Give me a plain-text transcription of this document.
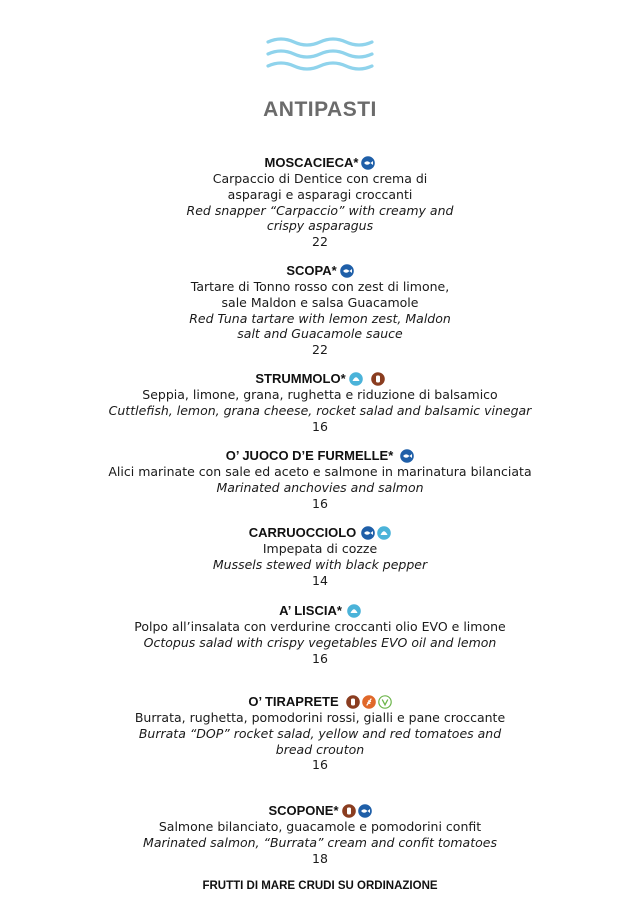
ANTIPASTI
MOSCACIECA*
Carpaccio di Dentice con crema di
asparagi e asparagi croccanti
Red snapper “Carpaccio” with creamy and
crispy asparagus
22
SCOPA*
Tartare di Tonno rosso con zest di limone,
sale Maldon e salsa Guacamole
Red Tuna tartare with lemon zest, Maldon
salt and Guacamole sauce
22
STRUMMOLO*
Seppia, limone, grana, rughetta e riduzione di balsamico
Cuttlefish, lemon, grana cheese, rocket salad and balsamic vinegar
16
O’ JUOCO D’E FURMELLE*
Alici marinate con sale ed aceto e salmone in marinatura bilanciata
Marinated anchovies and salmon
16
CARRUOCCIOLO
Impepata di cozze
Mussels stewed with black pepper
14
A’ LISCIA*
Polpo all’insalata con verdurine croccanti olio EVO e limone
Octopus salad with crispy vegetables EVO oil and lemon
16
O’ TIRAPRETE
Burrata, rughetta, pomodorini rossi, gialli e pane croccante
Burrata “DOP” rocket salad, yellow and red tomatoes and
bread crouton
16
SCOPONE*
Salmone bilanciato, guacamole e pomodorini confit
Marinated salmon, “Burrata” cream and confit tomatoes
18
FRUTTI DI MARE CRUDI SU ORDINAZIONE
